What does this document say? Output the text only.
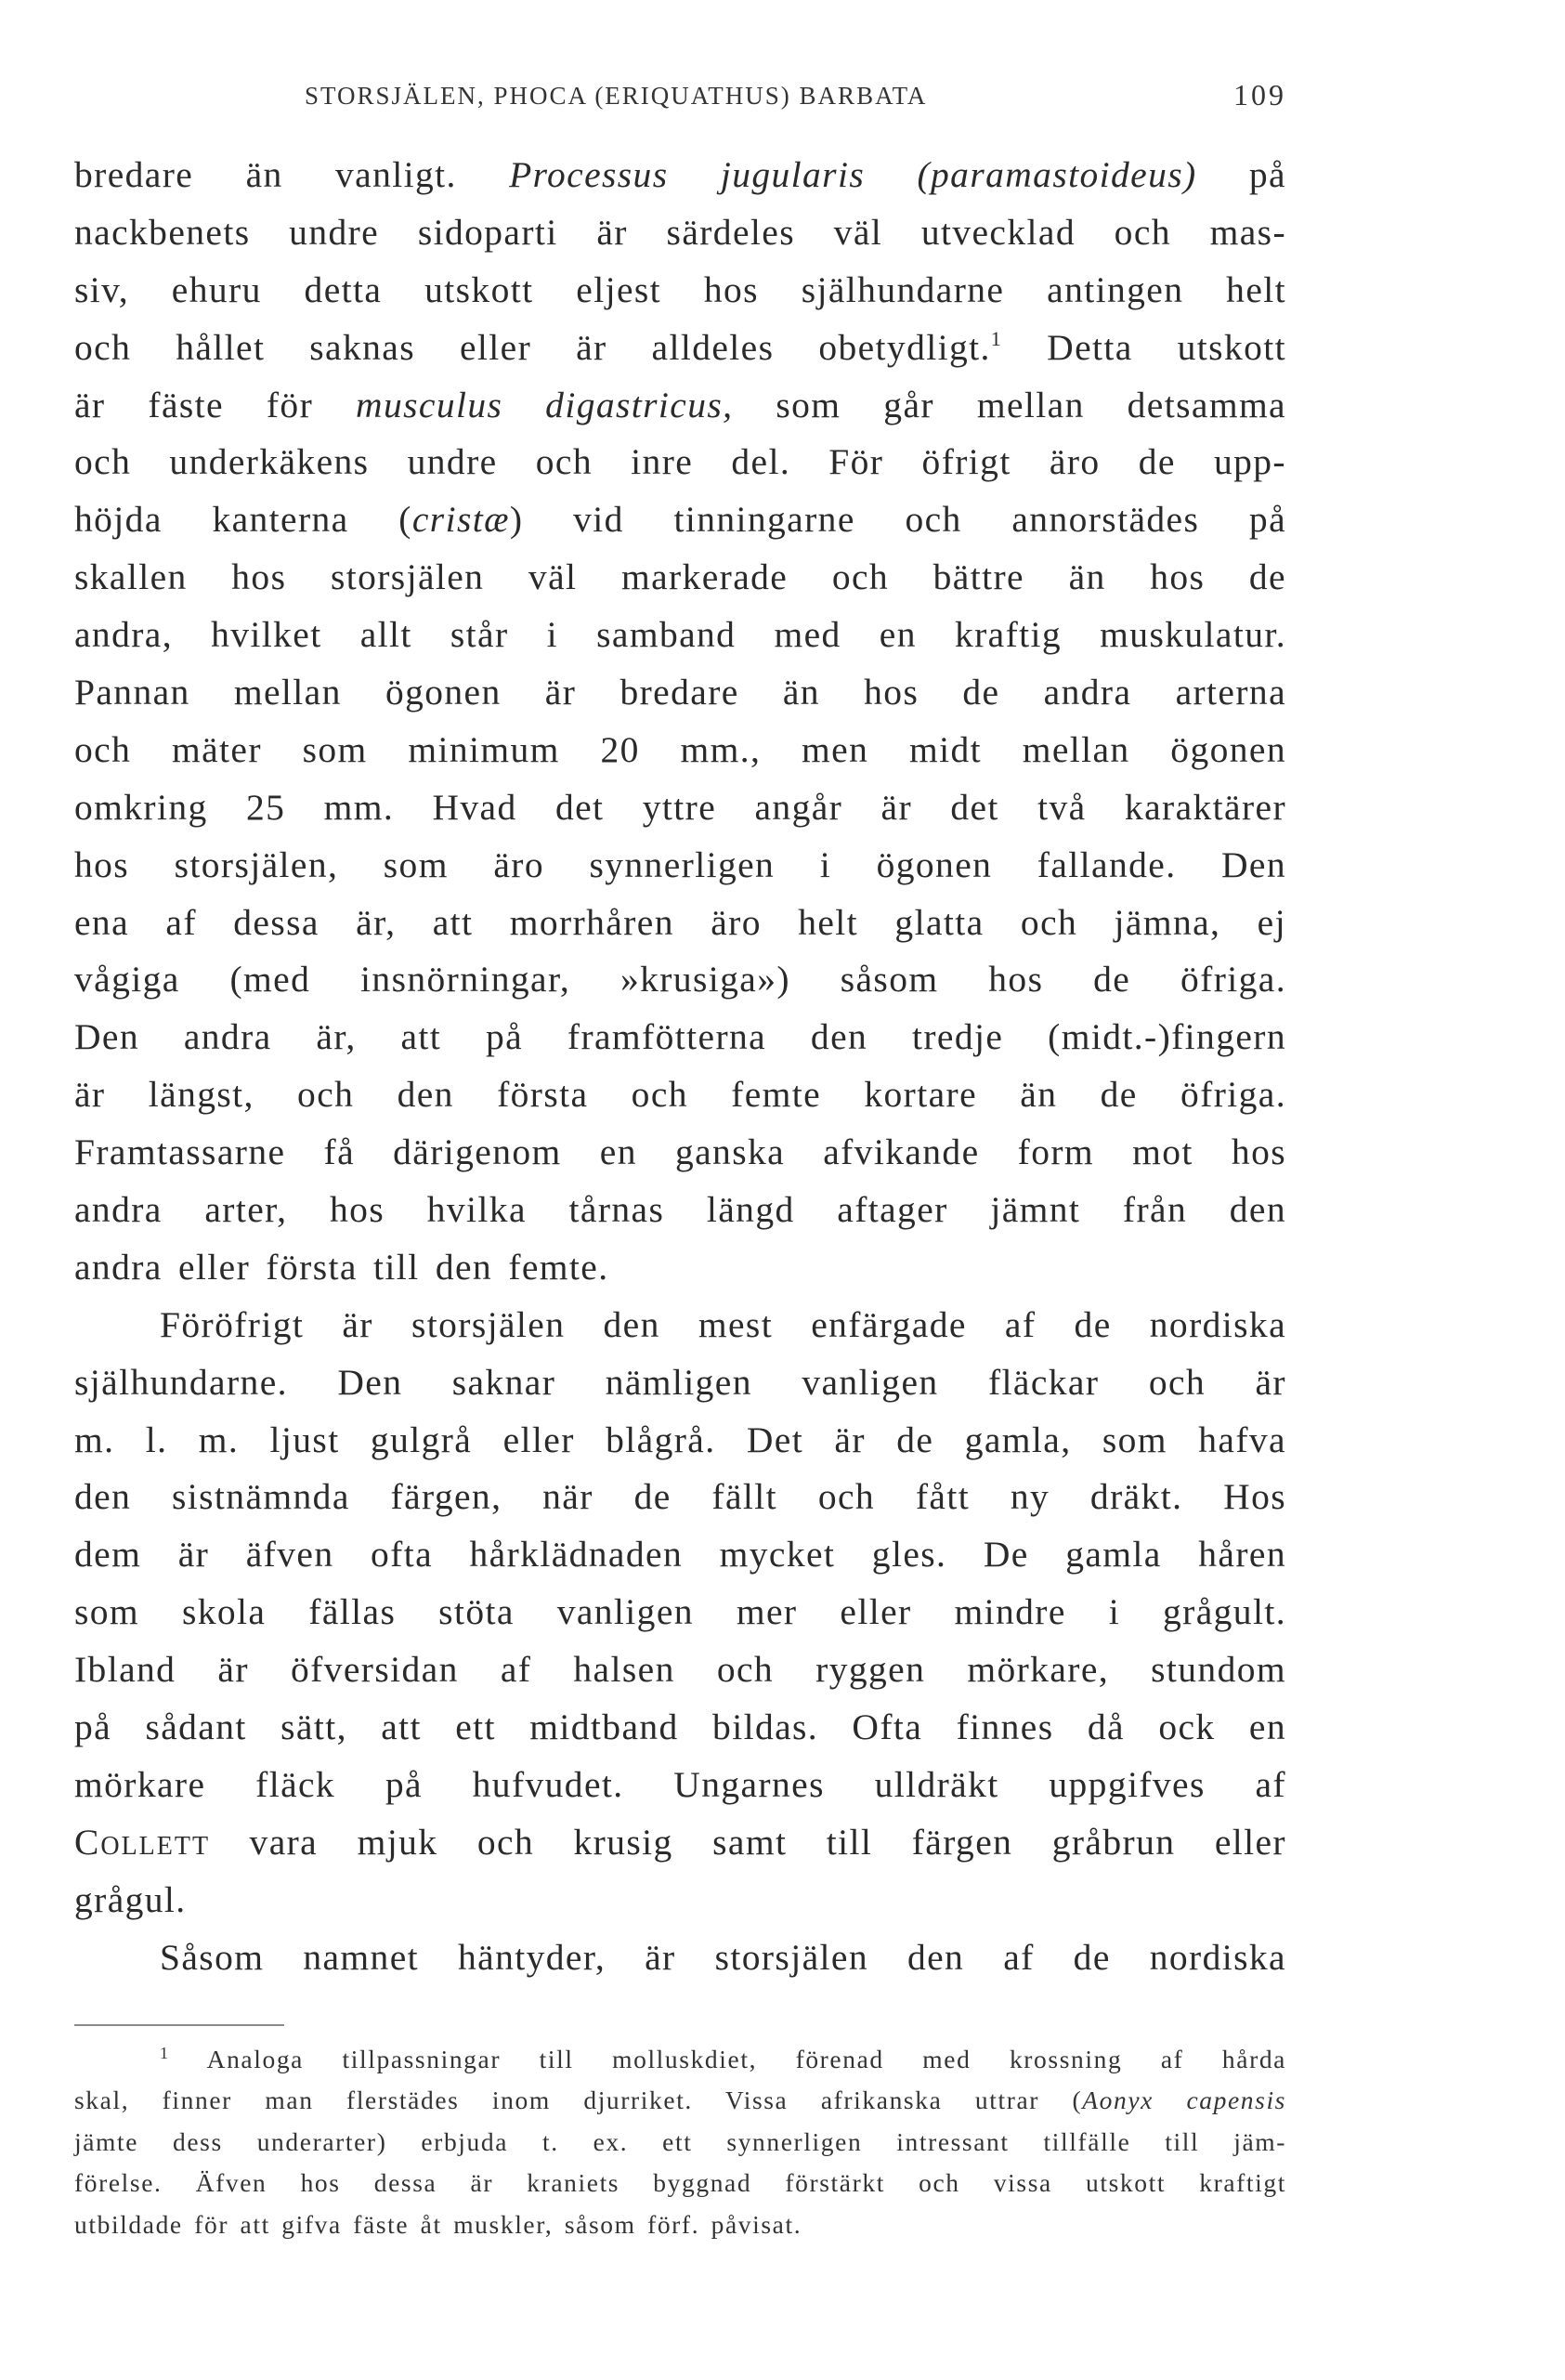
STORSJÄLEN, PHOCA (ERIQUATHUS) BARBATA	109
bredare än vanligt. Processus jugularis (paramastoideus) på
nackbenets undre sidoparti är särdeles väl utvecklad och mas-
siv, ehuru detta utskott eljest hos själhundarne antingen helt
och hållet saknas eller är alldeles obetydligt.$^1$ Detta utskott
är fäste för musculus digastricus, som går mellan detsamma
och underkäkens undre och inre del. För öfrigt äro de upp-
höjda kanterna (cristæ) vid tinningarne och annorstädes på
skallen hos storsjälen väl markerade och bättre än hos de
andra, hvilket allt står i samband med en kraftig muskulatur.
Pannan mellan ögonen är bredare än hos de andra arterna
och mäter som minimum 20 mm., men midt mellan ögonen
omkring 25 mm. Hvad det yttre angår är det två karaktärer
hos storsjälen, som äro synnerligen i ögonen fallande. Den
ena af dessa är, att morrhåren äro helt glatta och jämna, ej
vågiga (med insnörningar, »krusiga») såsom hos de öfriga.
Den andra är, att på framfötterna den tredje (midt.-)fingern
är längst, och den första och femte kortare än de öfriga.
Framtassarne få därigenom en ganska afvikande form mot hos
andra arter, hos hvilka tårnas längd aftager jämnt från den
andra eller första till den femte.
Föröfrigt är storsjälen den mest enfärgade af de nordiska
själhundarne. Den saknar nämligen vanligen fläckar och är
m. l. m. ljust gulgrå eller blågrå. Det är de gamla, som hafva
den sistnämnda färgen, när de fällt och fått ny dräkt. Hos
dem är äfven ofta hårklädnaden mycket gles. De gamla håren
som skola fällas stöta vanligen mer eller mindre i grågult.
Ibland är öfversidan af halsen och ryggen mörkare, stundom
på sådant sätt, att ett midtband bildas. Ofta finnes då ock en
mörkare fläck på hufvudet. Ungarnes ulldräkt uppgifves af
Collett vara mjuk och krusig samt till färgen gråbrun eller
grågul.
Såsom namnet häntyder, är storsjälen den af de nordiska
$^1$ Analoga tillpassningar till molluskdiet, förenad med krossning af hårda
skal, finner man flerstädes inom djurriket. Vissa afrikanska uttrar (Aonyx capensis
jämte dess underarter) erbjuda t. ex. ett synnerligen intressant tillfälle till jäm-
förelse. Äfven hos dessa är kraniets byggnad förstärkt och vissa utskott kraftigt
utbildade för att gifva fäste åt muskler, såsom förf. påvisat.
